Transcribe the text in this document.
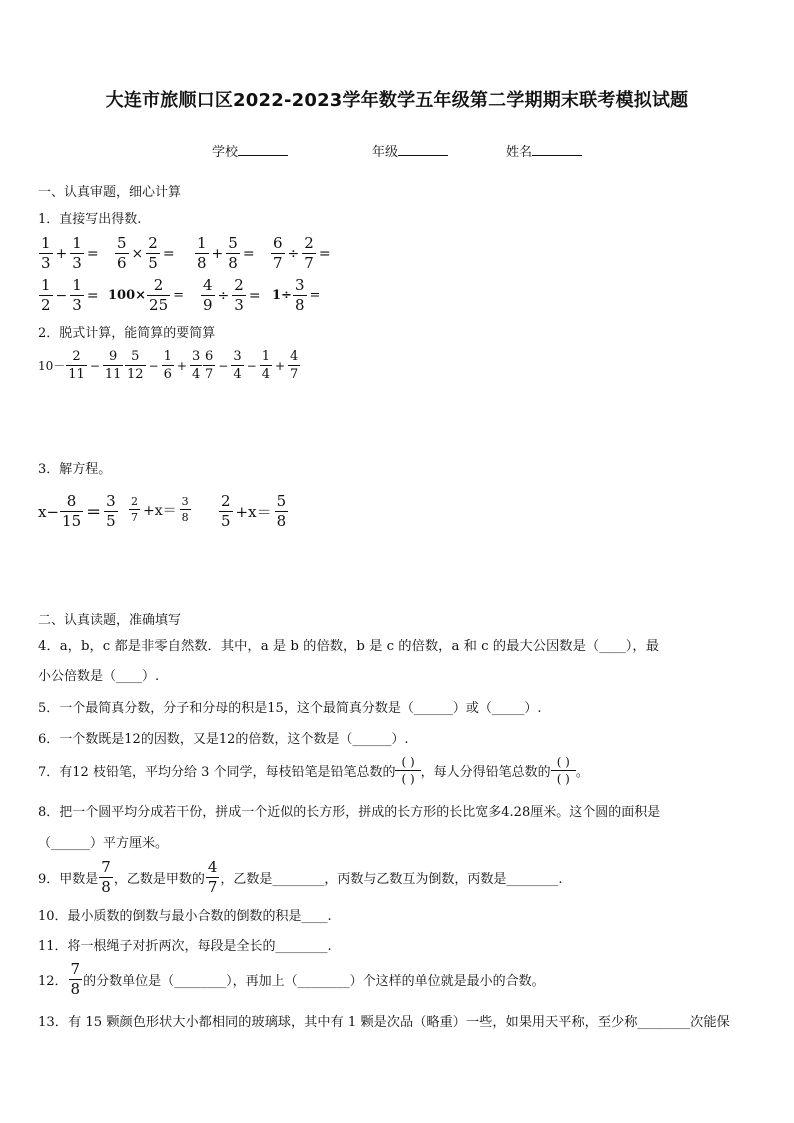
大连市旅顺口区2022-2023学年数学五年级第二学期期末联考模拟试题
学校	年级	姓名
一、认真审题，细心计算
1．直接写出得数.
$\frac{1}{3} + \frac{1}{3} = \frac{5}{6} \times \frac{2}{5} = \frac{1}{8} + \frac{5}{8} = \frac{6}{7} \div \frac{2}{7}$ =
$\frac{1}{2} - \frac{1}{3} = 100\times \frac{2}{25} = \frac{4}{9} \div \frac{2}{3} = 1\div \frac{3}{8}$ =
2．脱式计算，能简算的要简算
$10- \frac{2}{11} - \frac{9}{11} \frac{5}{12} - \frac{1}{6} + \frac{3}{4} \frac{6}{7} - \frac{3}{4} - \frac{1}{4} + \frac{4}{7}$
3．解方程。
$x- \frac{8}{15} = \frac{3}{5} \frac{2}{7} +x= \frac{3}{8} \frac{2}{5} +x= \frac{5}{8}$
二、认真读题，准确填写
4．a，b，c 都是非零自然数．其中，a 是 b 的倍数，b 是 c 的倍数，a 和 c 的最大公因数是（____），最
小公倍数是（____）.
5．一个最简真分数，分子和分母的积是15，这个最简真分数是（______）或（_____）.
6．一个数既是12的因数，又是12的倍数，这个数是（______）.
7．有12 枝铅笔，平均分给 3 个同学，每枝铅笔是铅笔总数的 $\frac{( )}{( )}$ ，每人分得铅笔总数的 $\frac{( )}{( )}$ 。
8．把一个圆平均分成若干份，拼成一个近似的长方形，拼成的长方形的长比宽多4.28厘米。这个圆的面积是
（______）平方厘米。
9．甲数是 $\frac{7}{8}$ ，乙数是甲数的 $\frac{4}{7}$ ，乙数是________，丙数与乙数互为倒数，丙数是________.
10．最小质数的倒数与最小合数的倒数的积是____.
11．将一根绳子对折两次，每段是全长的________.
12． $\frac{7}{8}$ 的分数单位是（________），再加上（________）个这样的单位就是最小的合数。
13．有 15 颗颜色形状大小都相同的玻璃球，其中有 1 颗是次品（略重）一些，如果用天平称，至少称________次能保
